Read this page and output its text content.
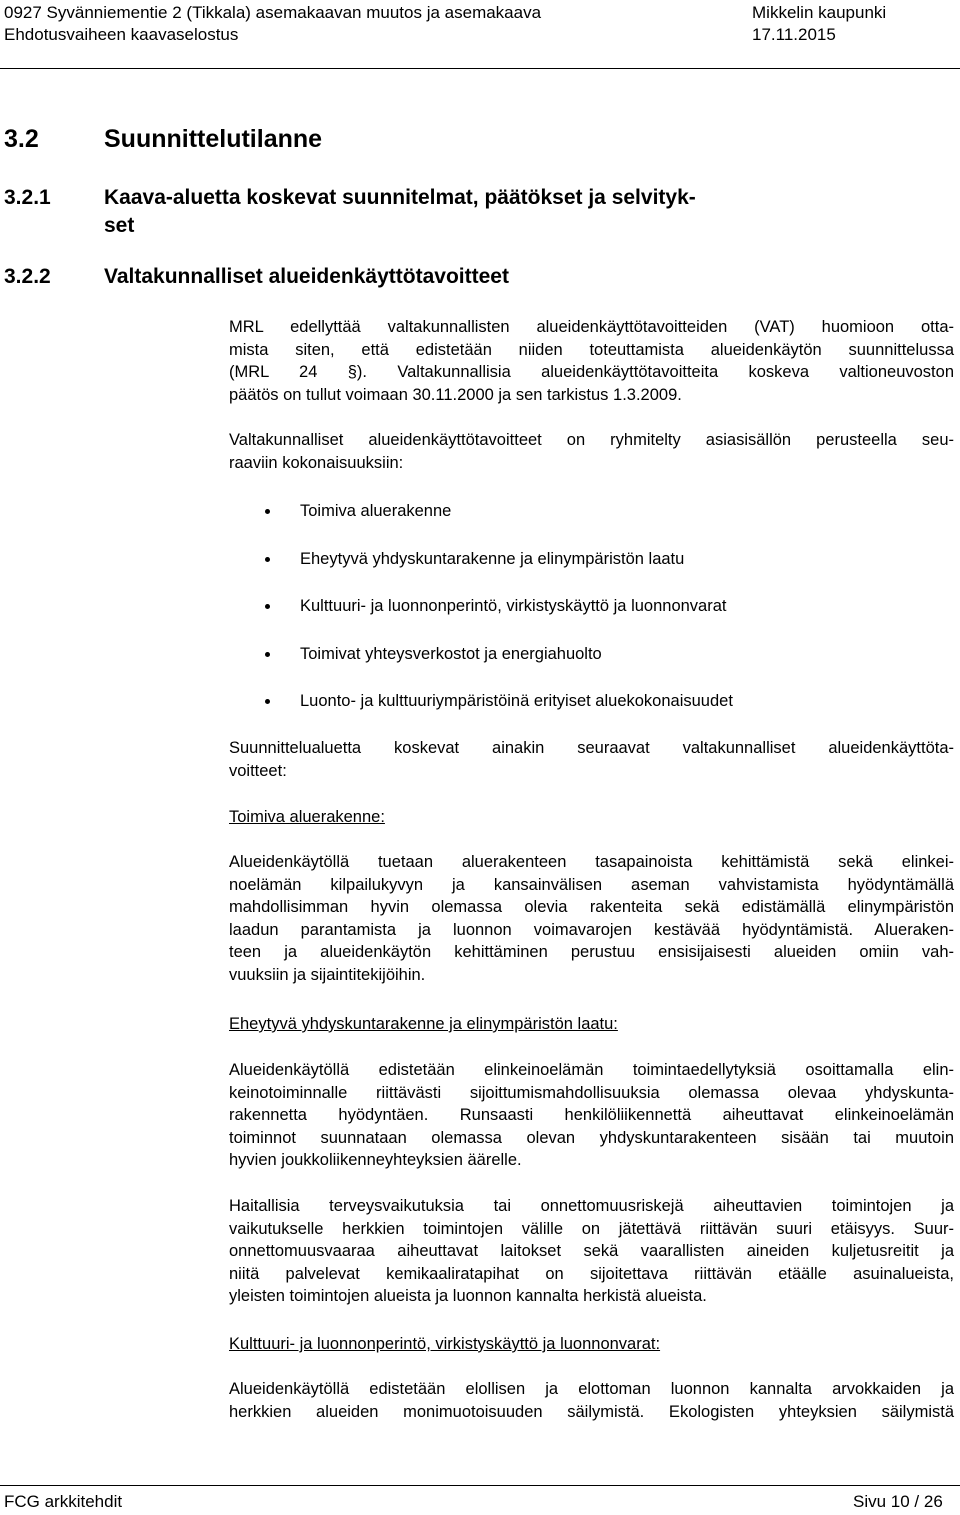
0927 Syvänniementie 2 (Tikkala) asemakaavan muutos ja asemakaava
Ehdotusvaiheen kaavaselostus
Mikkelin kaupunki
17.11.2015
3.2	Suunnittelutilanne
3.2.1	Kaava-aluetta koskevat suunnitelmat, päätökset ja selvityk-
set
3.2.2	Valtakunnalliset alueidenkäyttötavoitteet
MRL edellyttää valtakunnallisten alueidenkäyttötavoitteiden (VAT) huomioon otta-
mista siten, että edistetään niiden toteuttamista alueidenkäytön suunnittelussa
(MRL 24 §). Valtakunnallisia alueidenkäyttötavoitteita koskeva valtioneuvoston
päätös on tullut voimaan 30.11.2000 ja sen tarkistus 1.3.2009.
Valtakunnalliset alueidenkäyttötavoitteet on ryhmitelty asiasisällön perusteella seu-
raaviin kokonaisuuksiin:
Toimiva aluerakenne
Eheytyvä yhdyskuntarakenne ja elinympäristön laatu
Kulttuuri- ja luonnonperintö, virkistyskäyttö ja luonnonvarat
Toimivat yhteysverkostot ja energiahuolto
Luonto- ja kulttuuriympäristöinä erityiset aluekokonaisuudet
Suunnittelualuetta koskevat ainakin seuraavat valtakunnalliset alueidenkäyttöta-
voitteet:
Toimiva aluerakenne:
Alueidenkäytöllä tuetaan aluerakenteen tasapainoista kehittämistä sekä elinkei-
noelämän kilpailukyvyn ja kansainvälisen aseman vahvistamista hyödyntämällä
mahdollisimman hyvin olemassa olevia rakenteita sekä edistämällä elinympäristön
laadun parantamista ja luonnon voimavarojen kestävää hyödyntämistä. Alueraken-
teen ja alueidenkäytön kehittäminen perustuu ensisijaisesti alueiden omiin vah-
vuuksiin ja sijaintitekijöihin.
Eheytyvä yhdyskuntarakenne ja elinympäristön laatu:
Alueidenkäytöllä edistetään elinkeinoelämän toimintaedellytyksiä osoittamalla elin-
keinotoiminnalle riittävästi sijoittumismahdollisuuksia olemassa olevaa yhdyskunta-
rakennetta hyödyntäen. Runsaasti henkilöliikennettä aiheuttavat elinkeinoelämän
toiminnot suunnataan olemassa olevan yhdyskuntarakenteen sisään tai muutoin
hyvien joukkoliikenneyhteyksien äärelle.
Haitallisia terveysvaikutuksia tai onnettomuusriskejä aiheuttavien toimintojen ja
vaikutukselle herkkien toimintojen välille on jätettävä riittävän suuri etäisyys. Suur-
onnettomuusvaaraa aiheuttavat laitokset sekä vaarallisten aineiden kuljetusreitit ja
niitä palvelevat kemikaaliratapihat on sijoitettava riittävän etäälle asuinalueista,
yleisten toimintojen alueista ja luonnon kannalta herkistä alueista.
Kulttuuri- ja luonnonperintö, virkistyskäyttö ja luonnonvarat:
Alueidenkäytöllä edistetään elollisen ja elottoman luonnon kannalta arvokkaiden ja
herkkien alueiden monimuotoisuuden säilymistä. Ekologisten yhteyksien säilymistä
FCG arkkitehdit	Sivu 10 / 26
